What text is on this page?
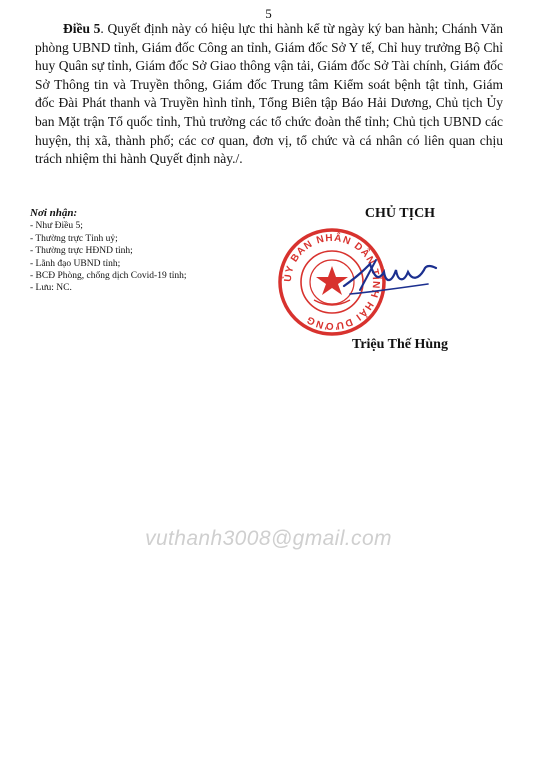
5
Điều 5. Quyết định này có hiệu lực thi hành kể từ ngày ký ban hành; Chánh Văn phòng UBND tỉnh, Giám đốc Công an tỉnh, Giám đốc Sở Y tế, Chỉ huy trưởng Bộ Chỉ huy Quân sự tỉnh, Giám đốc Sở Giao thông vận tải, Giám đốc Sở Tài chính, Giám đốc Sở Thông tin và Truyền thông, Giám đốc Trung tâm Kiểm soát bệnh tật tỉnh, Giám đốc Đài Phát thanh và Truyền hình tỉnh, Tổng Biên tập Báo Hải Dương, Chủ tịch Ủy ban Mặt trận Tổ quốc tỉnh, Thủ trưởng các tổ chức đoàn thể tỉnh; Chủ tịch UBND các huyện, thị xã, thành phố; các cơ quan, đơn vị, tổ chức và cá nhân có liên quan chịu trách nhiệm thi hành Quyết định này./.
Nơi nhận:
- Như Điều 5;
- Thường trực Tỉnh uỷ;
- Thường trực HĐND tỉnh;
- Lãnh đạo UBND tỉnh;
- BCĐ Phòng, chống dịch Covid-19 tỉnh;
- Lưu: NC.
CHỦ TỊCH
ỦY BAN NHÂN DÂN TỈNH HẢI DƯƠNG
Triệu Thế Hùng
vuthanh3008@gmail.com
